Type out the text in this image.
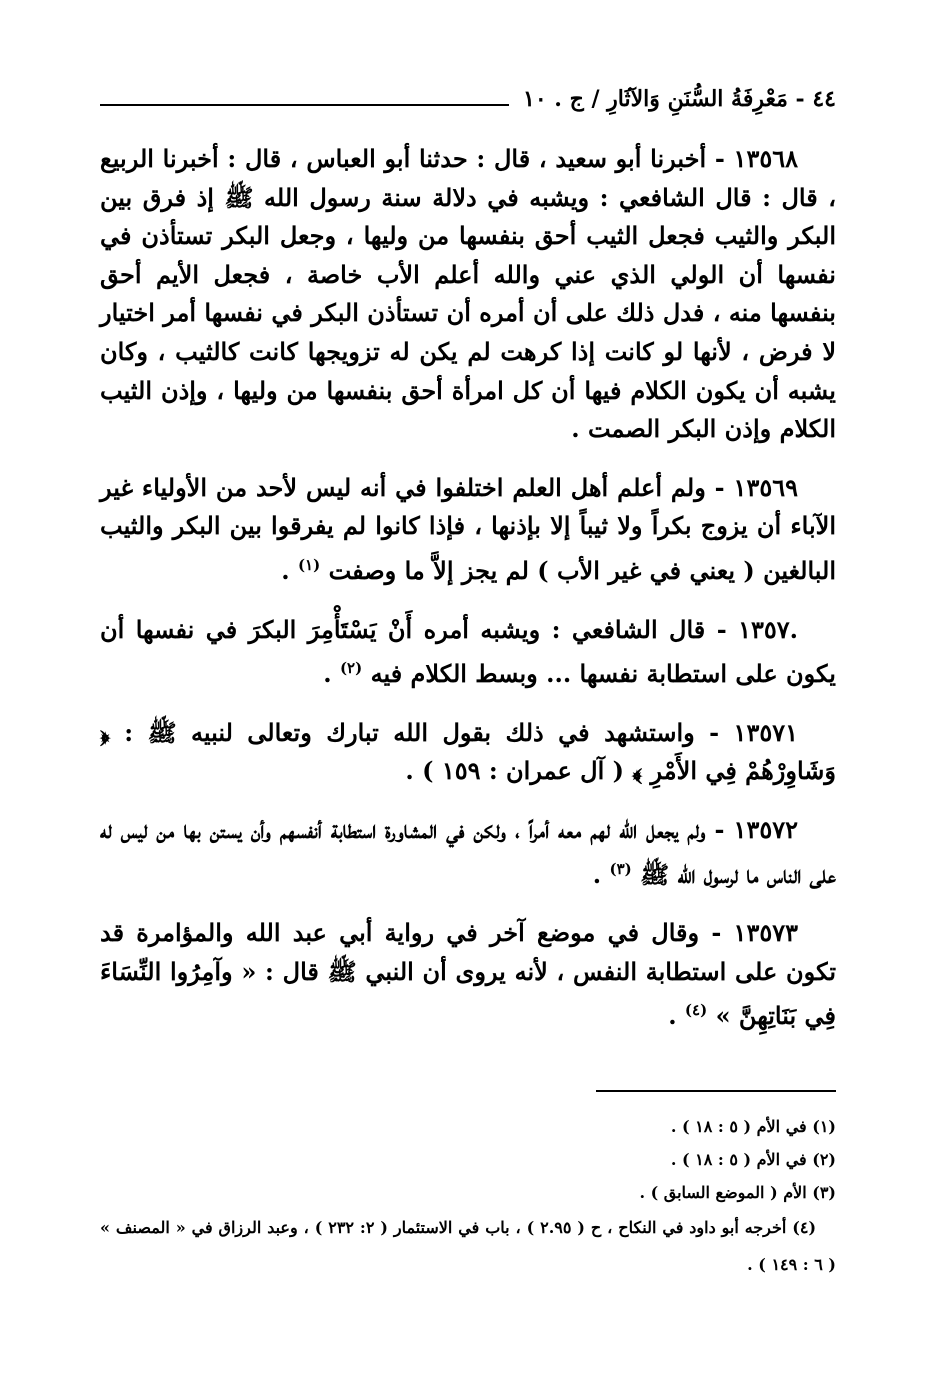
٤٤ - مَعْرِفَةُ السُّنَنِ وَالآثَارِ / ج . ١٠

١٣٥٦٨ - أخبرنا أبو سعيد ، قال : حدثنا أبو العباس ، قال : أخبرنا الربيع ، قال : قال الشافعي : ويشبه في دلالة سنة رسول الله ﷺ إذ فرق بين البكر والثيب فجعل الثيب أحق بنفسها من وليها ، وجعل البكر تستأذن في نفسها أن الولي الذي عني والله أعلم الأب خاصة ، فجعل الأيم أحق بنفسها منه ، فدل ذلك على أن أمره أن تستأذن البكر في نفسها أمر اختيار لا فرض ، لأنها لو كانت إذا كرهت لم يكن له تزويجها كانت كالثيب ، وكان يشبه أن يكون الكلام فيها أن كل امرأة أحق بنفسها من وليها ، وإذن الثيب الكلام وإذن البكر الصمت .

١٣٥٦٩ - ولم أعلم أهل العلم اختلفوا في أنه ليس لأحد من الأولياء غير الآباء أن يزوج بكراً ولا ثيباً إلا بإذنها ، فإذا كانوا لم يفرقوا بين البكر والثيب البالغين ( يعني في غير الأب ) لم يجز إلاَّ ما وصفت $^{(١)}$ .

.١٣٥٧ - قال الشافعي : ويشبه أمره أَنْ يَسْتَأْمِرَ البكرَ في نفسها أن يكون على استطابة نفسها ... وبسط الكلام فيه $^{(٢)}$ .

١٣٥٧١ - واستشهد في ذلك بقول الله تبارك وتعالى لنبيه ﷺ : ﴿ وَشَاوِرْهُمْ فِي الأَمْرِ ﴾ ( آل عمران : ١٥٩ ) .

١٣٥٧٢ - ولم يجعل الله لهم معه أمراً ، ولكن في المشاورة استطابة أنفسهم وأن يستن بها من ليس له على الناس ما لرسول الله ﷺ $^{(٣)}$ .

١٣٥٧٣ - وقال في موضع آخر في رواية أبي عبد الله والمؤامرة قد تكون على استطابة النفس ، لأنه يروى أن النبي ﷺ قال : « وآمِرُوا النِّسَاءَ فِي بَنَاتِهِنَّ » $^{(٤)}$ .

(١) في الأم ( ٥ : ١٨ ) .

(٢) في الأم ( ٥ : ١٨ ) .

(٣) الأم ( الموضع السابق ) .

(٤) أخرجه أبو داود في النكاح ، ح ( ٢.٩٥ ) ، باب في الاستئمار ( ٢: ٢٣٢ ) ، وعبد الرزاق في « المصنف » ( ٦ : ١٤٩ ) .
